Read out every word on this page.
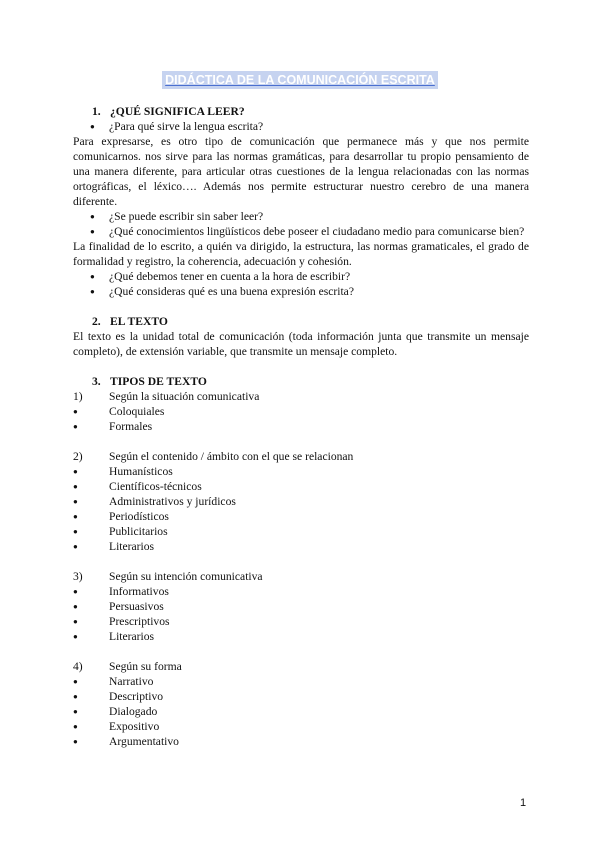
DIDÁCTICA DE LA COMUNICACIÓN ESCRITA
1. ¿QUÉ SIGNIFICA LEER?
● ¿Para qué sirve la lengua escrita?
Para expresarse, es otro tipo de comunicación que permanece más y que nos permite comunicarnos. nos sirve para las normas gramáticas, para desarrollar tu propio pensamiento de una manera diferente, para articular otras cuestiones de la lengua relacionadas con las normas ortográficas, el léxico…. Además nos permite estructurar nuestro cerebro de una manera diferente.
● ¿Se puede escribir sin saber leer?
● ¿Qué conocimientos lingüísticos debe poseer el ciudadano medio para comunicarse bien?
La finalidad de lo escrito, a quién va dirigido, la estructura, las normas gramaticales, el grado de formalidad y registro, la coherencia, adecuación y cohesión.
● ¿Qué debemos tener en cuenta a la hora de escribir?
● ¿Qué consideras qué es una buena expresión escrita?
2. EL TEXTO
El texto es la unidad total de comunicación (toda información junta que transmite un mensaje completo), de extensión variable, que transmite un mensaje completo.
3. TIPOS DE TEXTO
1) Según la situación comunicativa
● Coloquiales
● Formales
2) Según el contenido / ámbito con el que se relacionan
● Humanísticos
● Científicos-técnicos
● Administrativos y jurídicos
● Periodísticos
● Publicitarios
● Literarios
3) Según su intención comunicativa
● Informativos
● Persuasivos
● Prescriptivos
● Literarios
4) Según su forma
● Narrativo
● Descriptivo
● Dialogado
● Expositivo
● Argumentativo
1
